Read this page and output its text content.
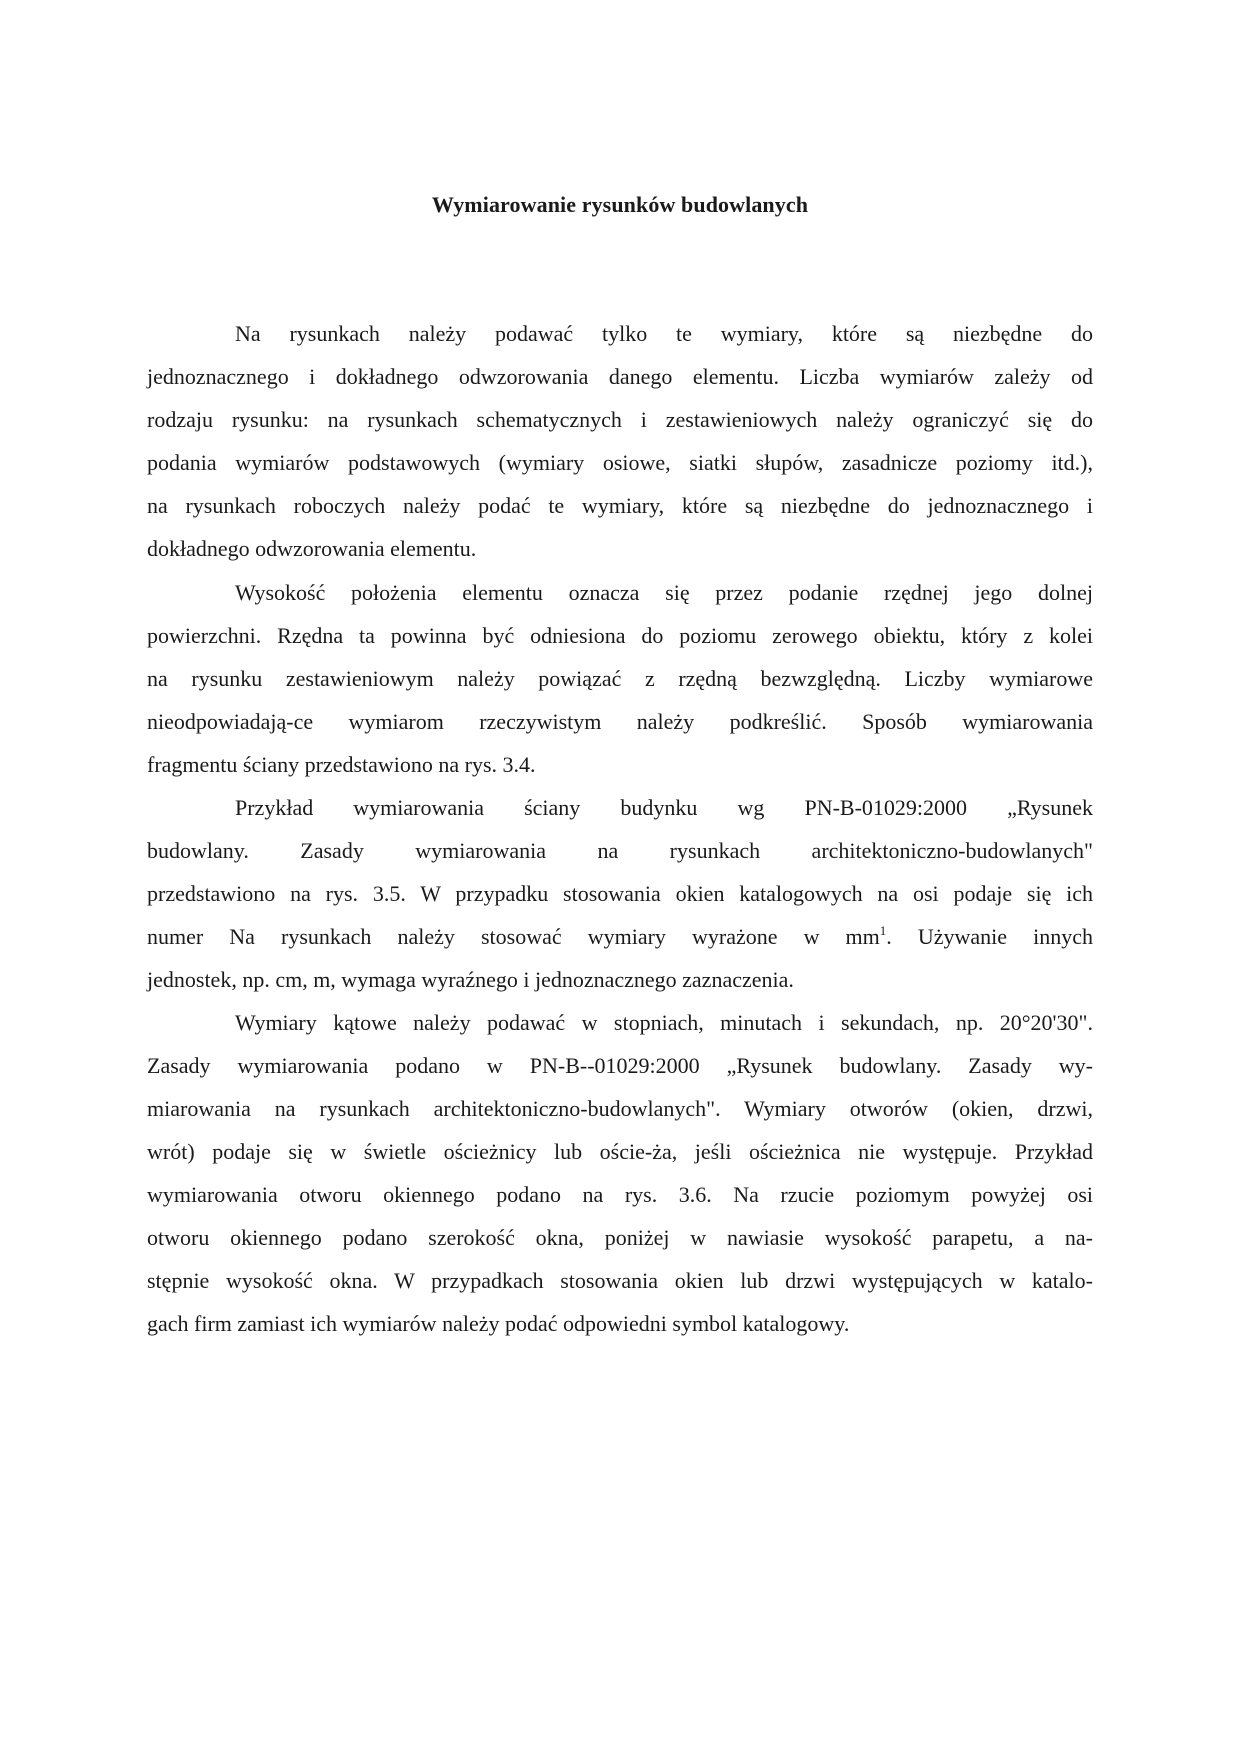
Wymiarowanie rysunków budowlanych
Na rysunkach należy podawać tylko te wymiary, które są niezbędne do
jednoznacznego i dokładnego odwzorowania danego elementu. Liczba wymiarów zależy od
rodzaju rysunku: na rysunkach schematycznych i zestawieniowych należy ograniczyć się do
podania wymiarów podstawowych (wymiary osiowe, siatki słupów, zasadnicze poziomy itd.),
na rysunkach roboczych należy podać te wymiary, które są niezbędne do jednoznacznego i
dokładnego odwzorowania elementu.
Wysokość położenia elementu oznacza się przez podanie rzędnej jego dolnej
powierzchni. Rzędna ta powinna być odniesiona do poziomu zerowego obiektu, który z kolei
na rysunku zestawieniowym należy powiązać z rzędną bezwzględną. Liczby wymiarowe
nieodpowiadają-ce wymiarom rzeczywistym należy podkreślić. Sposób wymiarowania
fragmentu ściany przedstawiono na rys. 3.4.
Przykład wymiarowania ściany budynku wg PN-B-01029:2000 „Rysunek
budowlany. Zasady wymiarowania na rysunkach architektoniczno-budowlanych"
przedstawiono na rys. 3.5. W przypadku stosowania okien katalogowych na osi podaje się ich
numer Na rysunkach należy stosować wymiary wyrażone w $mm^1$. Używanie innych
jednostek, np. cm, m, wymaga wyraźnego i jednoznacznego zaznaczenia.
Wymiary kątowe należy podawać w stopniach, minutach i sekundach, np. 20°20'30".
Zasady wymiarowania podano w PN-B--01029:2000 „Rysunek budowlany. Zasady wy-
miarowania na rysunkach architektoniczno-budowlanych". Wymiary otworów (okien, drzwi,
wrót) podaje się w świetle ościeżnicy lub oście-ża, jeśli ościeżnica nie występuje. Przykład
wymiarowania otworu okiennego podano na rys. 3.6. Na rzucie poziomym powyżej osi
otworu okiennego podano szerokość okna, poniżej w nawiasie wysokość parapetu, a na-
stępnie wysokość okna. W przypadkach stosowania okien lub drzwi występujących w katalo-
gach firm zamiast ich wymiarów należy podać odpowiedni symbol katalogowy.
